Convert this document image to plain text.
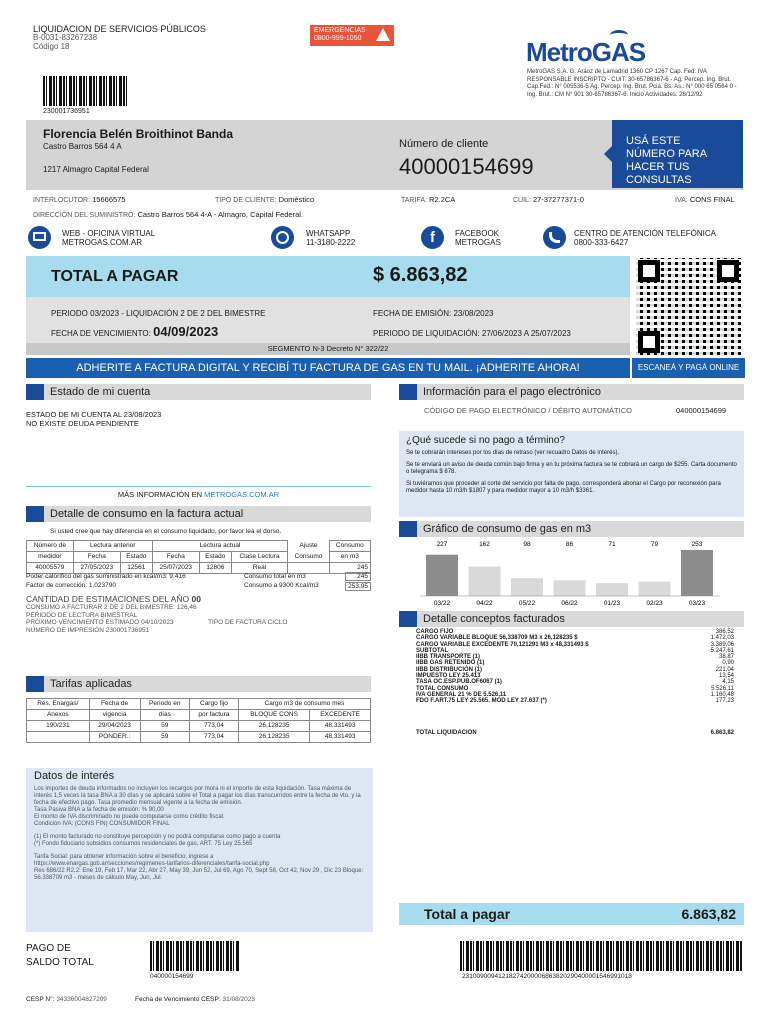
LIQUIDACION DE SERVICIOS PÚBLICOS
B-0031-83267238
Código 18
230001736951
EMERGENCIAS
0800-999-1050	MetroGAS
MetroGAS S.A. G. Aráoz de Lamadrid 1360 CP 1267 Cap. Fed. IVA RESPONSABLE INSCRIPTO - CUIT: 30-65786367-6 - Ag. Percep. Ing. Brut. Cap.Fed.: N° 005536-5 Ag. Percep. Ing. Brut. Pcia. Bs. As.: N° 000 65 0564 0 - Ing. Brut.: CM N° 901 30-65786367-6. Inicio Actividades: 28/12/92
Florencia Belén Broithinot Banda
Castro Barros 564 4 A
1217 Almagro Capital Federal
Número de cliente
40000154699
USÁ ESTE NÚMERO PARA HACER TUS CONSULTAS
INTERLOCUTOR: 15666575	TIPO DE CLIENTE: Doméstico	TARIFA: R2.2CA	CUIL: 27-37277371-0	IVA: CONS FINAL
DIRECCIÓN DEL SUMINISTRO: Castro Barros 564 4-A - Almagro, Capital Federal.
WEB - OFICINA VIRTUAL
METROGAS.COM.AR
WHATSAPP
11-3180-2222	f	FACEBOOK
METROGAS
CENTRO DE ATENCIÓN TELEFÓNICA
0800-333-6427
TOTAL A PAGAR	$ 6.863,82
PERIODO 03/2023 - LIQUIDACIÓN 2 DE 2 DEL BIMESTRE	FECHA DE EMISIÓN: 23/08/2023
FECHA DE VENCIMIENTO: 04/09/2023	PERIODO DE LIQUIDACIÓN: 27/06/2023 A 25/07/2023
SEGMENTO N-3 Decreto N° 322/22
ADHERITE A FACTURA DIGITAL Y RECIBÍ TU FACTURA DE GAS EN TU MAIL. ¡ADHERITE AHORA!	ESCANEÁ Y PAGÁ ONLINE
Estado de mi cuenta
ESTADO DE MI CUENTA AL 23/08/2023
NO EXISTE DEUDA PENDIENTE
MÁS INFORMACIÓN EN METROGAS.COM.AR
Detalle de consumo en la factura actual
Si usted cree que hay diferencia en el consumo liquidado, por favor lea el dorso.
Número de	Lectura anterior		Lectura actual			Ajuste	Consumo
medidor	Fecha	Estado	Fecha	Estado	Clase Lectura	Consumo	en m3
40005579	27/05/2023	12561	25/07/2023	12806	Real		245
Poder calorífico del gas suministrado en kcal/m3: 9.416
Factor de corrección: 1,023790
Consumo total en m3	245
Consumo a 9300 Kcal/m3	253,95
CANTIDAD DE ESTIMACIONES DEL AÑO 00
CONSUMO A FACTURAR 2 DE 2 DEL BIMESTRE: 126,46
PERIODO DE LECTURA BIMESTRAL
PRÓXIMO VENCIMIENTO ESTIMADO 04/10/2023
NÚMERO DE IMPRESIÓN 230001736951
TIPO DE FACTURA CICLO
Tarifas aplicadas
Res. Enargas/	Fecha de	Periodo en	Cargo fijo	Cargo m3 de consumo mes	
Anexos	vigencia	días	por factura	BLOQUE CONS	EXCEDENTE
190/231	29/04/2023	59	773,04	26,128235	48,331493
	PONDER.:	59	773,04	26,128235	48,331493
Datos de interés
Los importes de deuda informados no incluyen los recargos por mora ni el importe de esta liquidación. Tasa máxima de interés 1,5 veces la tasa BNA a 30 días y se aplicará sobre el Total a pagar los días transcurridos entre la fecha de vto. y la fecha de efectivo pago. Tasa promedio mensual vigente a la fecha de emisión.
Tasa Pasiva BNA a la fecha de emisión: % 90,00
El monto de IVA discriminado no puede computarse como crédito fiscal.
Condición IVA: (CONS FIN) CONSUMIDOR FINAL
(1) El monto facturado no constituye percepción y no podrá computarse como pago a cuenta
(*) Fondo fiduciario subsidios consumos residenciales de gas, ART. 75 Ley 25.565
Tarifa Social: para obtener información sobre el beneficio, ingrese a
https://www.enargas.gob.ar/secciones/regimenes-tarifarios-diferenciales/tarifa-social.php
Res 686/22 R2.2: Ene 19, Feb 17, Mar 22, Abr 27, May 39, Jun 52, Jul 69, Ago 70, Sept 58, Oct 42, Nov 29 , Dic 23 Bloque: 56.338709 m3 - meses de cálculo May, Jun, Jul.
Información para el pago electrónico
CÓDIGO DE PAGO ELECTRÓNICO / DÉBITO AUTOMÁTICO	040000154699
¿Qué sucede si no pago a término?
Se te cobrarán intereses por los días de retraso (ver recuadro Datos de interés).
Se te enviará un aviso de deuda común bajo firma y en tu próxima factura se te cobrará un cargo de $255. Carta documento o telegrama $ 878.
Si tuviéramos que proceder al corte del servicio por falta de pago, corresponderá abonar el Cargo por reconexión para medidor hasta 10 m3/h $1807 y para medidor mayor a 10 m3/h $3361.
Gráfico de consumo de gas en m3
227
03/22
162
04/22
98
05/22
86
06/22
71
01/23
79
02/23
253
03/23
Detalle conceptos facturados
CARGO FIJO	386,52
CARGO VARIABLE BLOQUE 56,338709 M3 x 26,128235 $	1.472,03
CARGO VARIABLE EXCEDENTE 70,121291 M3 x 48,331493 $	3.389,06
SUBTOTAL	5.247,61
IIBB TRANSPORTE (1)	38,87
IIBB GAS RETENIDO (1)	0,90
IIBB DISTRIBUCIÓN (1)	221,04
IMPUESTO LEY 25.413	13,54
TASA OC.ESP.PUB.OF6067 (1)	4,15
TOTAL CONSUMO	5.526,11
IVA GENERAL 21 % DE 5.526,11	1.160,48
FDO F.ART.75 LEY 25.565. MOD LEY 27.637 (*)	177,23
TOTAL LIQUIDACION	6.863,82
Total a pagar	6.863,82
PAGO DE
SALDO TOTAL
040000154699	23100900941218274200006863820290400001546991018
CESP N°: 34336004827209	Fecha de Vencimiento CESP: 31/08/2023
